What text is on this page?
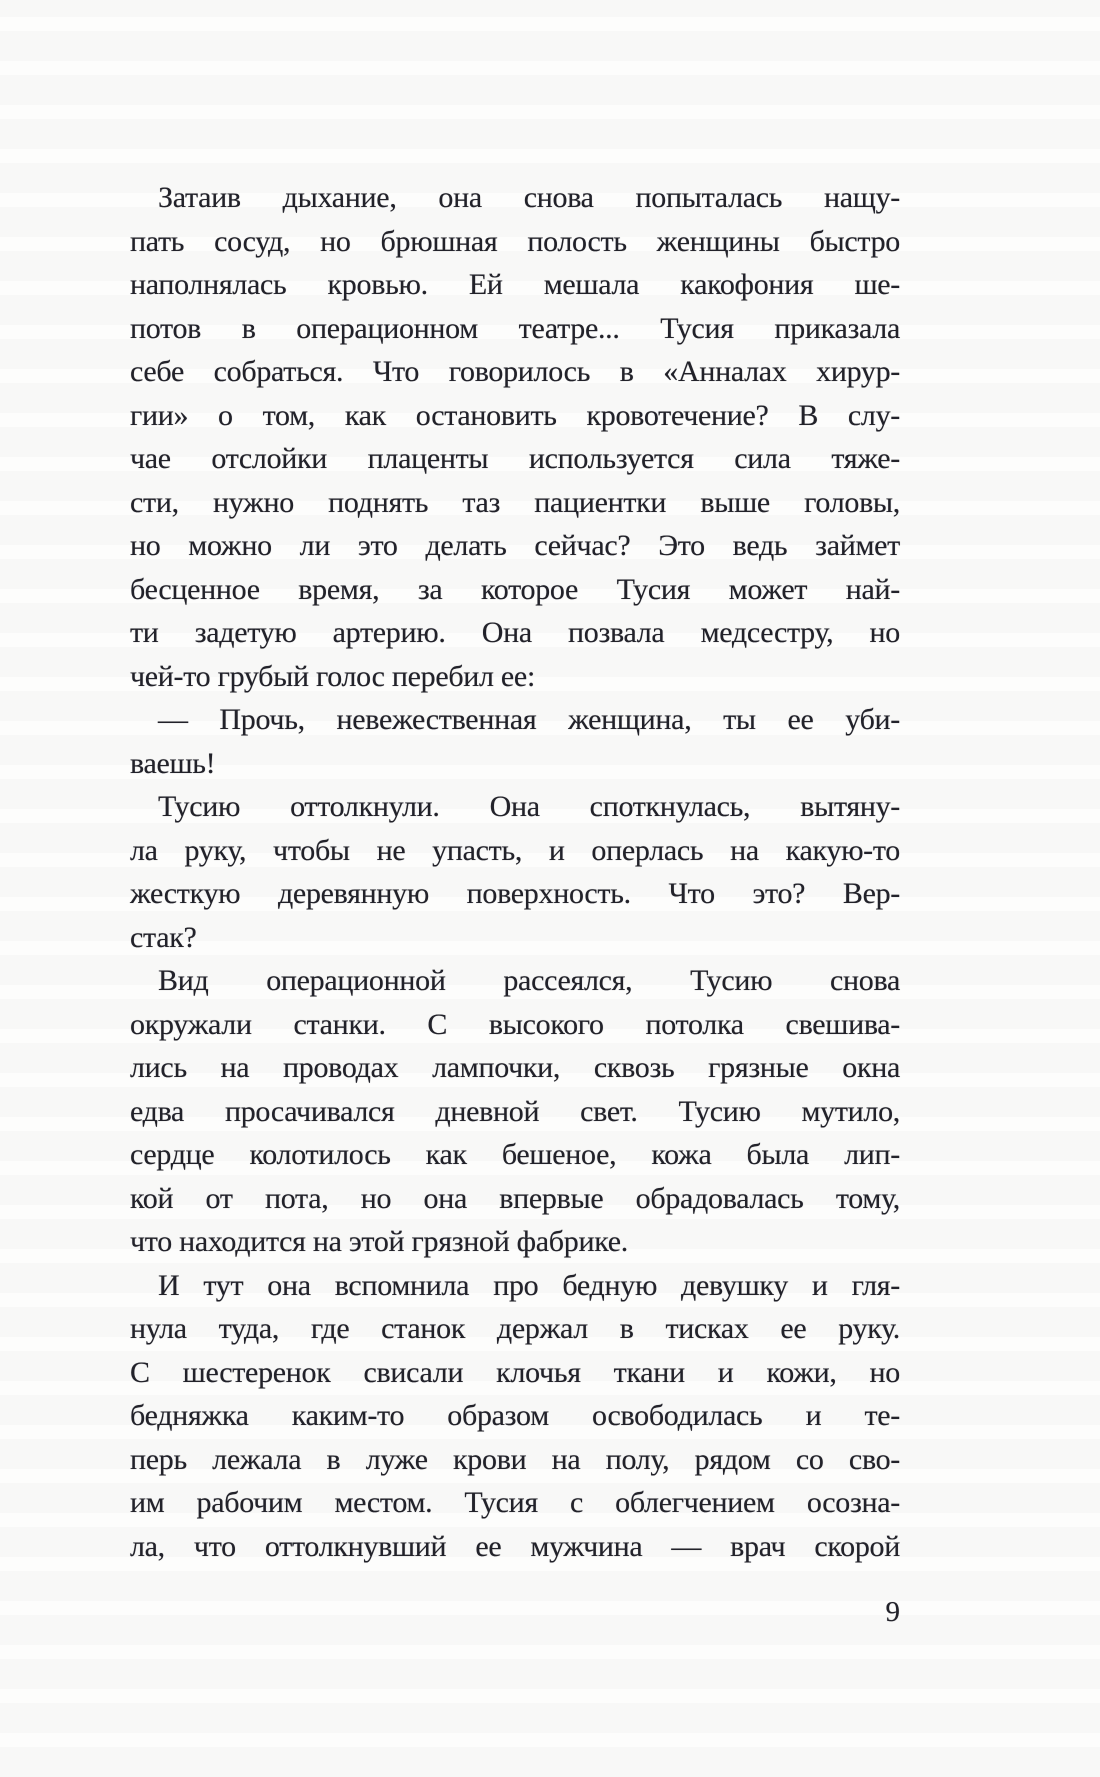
Затаив дыхание, она снова попыталась нащу-
пать сосуд, но брюшная полость женщины быстро
наполнялась кровью. Ей мешала какофония ше-
потов в операционном театре... Тусия приказала
себе собраться. Что говорилось в «Анналах хирур-
гии» о том, как остановить кровотечение? В слу-
чае отслойки плаценты используется сила тяже-
сти, нужно поднять таз пациентки выше головы,
но можно ли это делать сейчас? Это ведь займет
бесценное время, за которое Тусия может най-
ти задетую артерию. Она позвала медсестру, но
чей-то грубый голос перебил ее:
— Прочь, невежественная женщина, ты ее уби-
ваешь!
Тусию оттолкнули. Она споткнулась, вытяну-
ла руку, чтобы не упасть, и оперлась на какую-то
жесткую деревянную поверхность. Что это? Вер-
стак?
Вид операционной рассеялся, Тусию снова
окружали станки. С высокого потолка свешива-
лись на проводах лампочки, сквозь грязные окна
едва просачивался дневной свет. Тусию мутило,
сердце колотилось как бешеное, кожа была лип-
кой от пота, но она впервые обрадовалась тому,
что находится на этой грязной фабрике.
И тут она вспомнила про бедную девушку и гля-
нула туда, где станок держал в тисках ее руку.
С шестеренок свисали клочья ткани и кожи, но
бедняжка каким-то образом освободилась и те-
перь лежала в луже крови на полу, рядом со сво-
им рабочим местом. Тусия с облегчением осозна-
ла, что оттолкнувший ее мужчина — врач скорой
9
